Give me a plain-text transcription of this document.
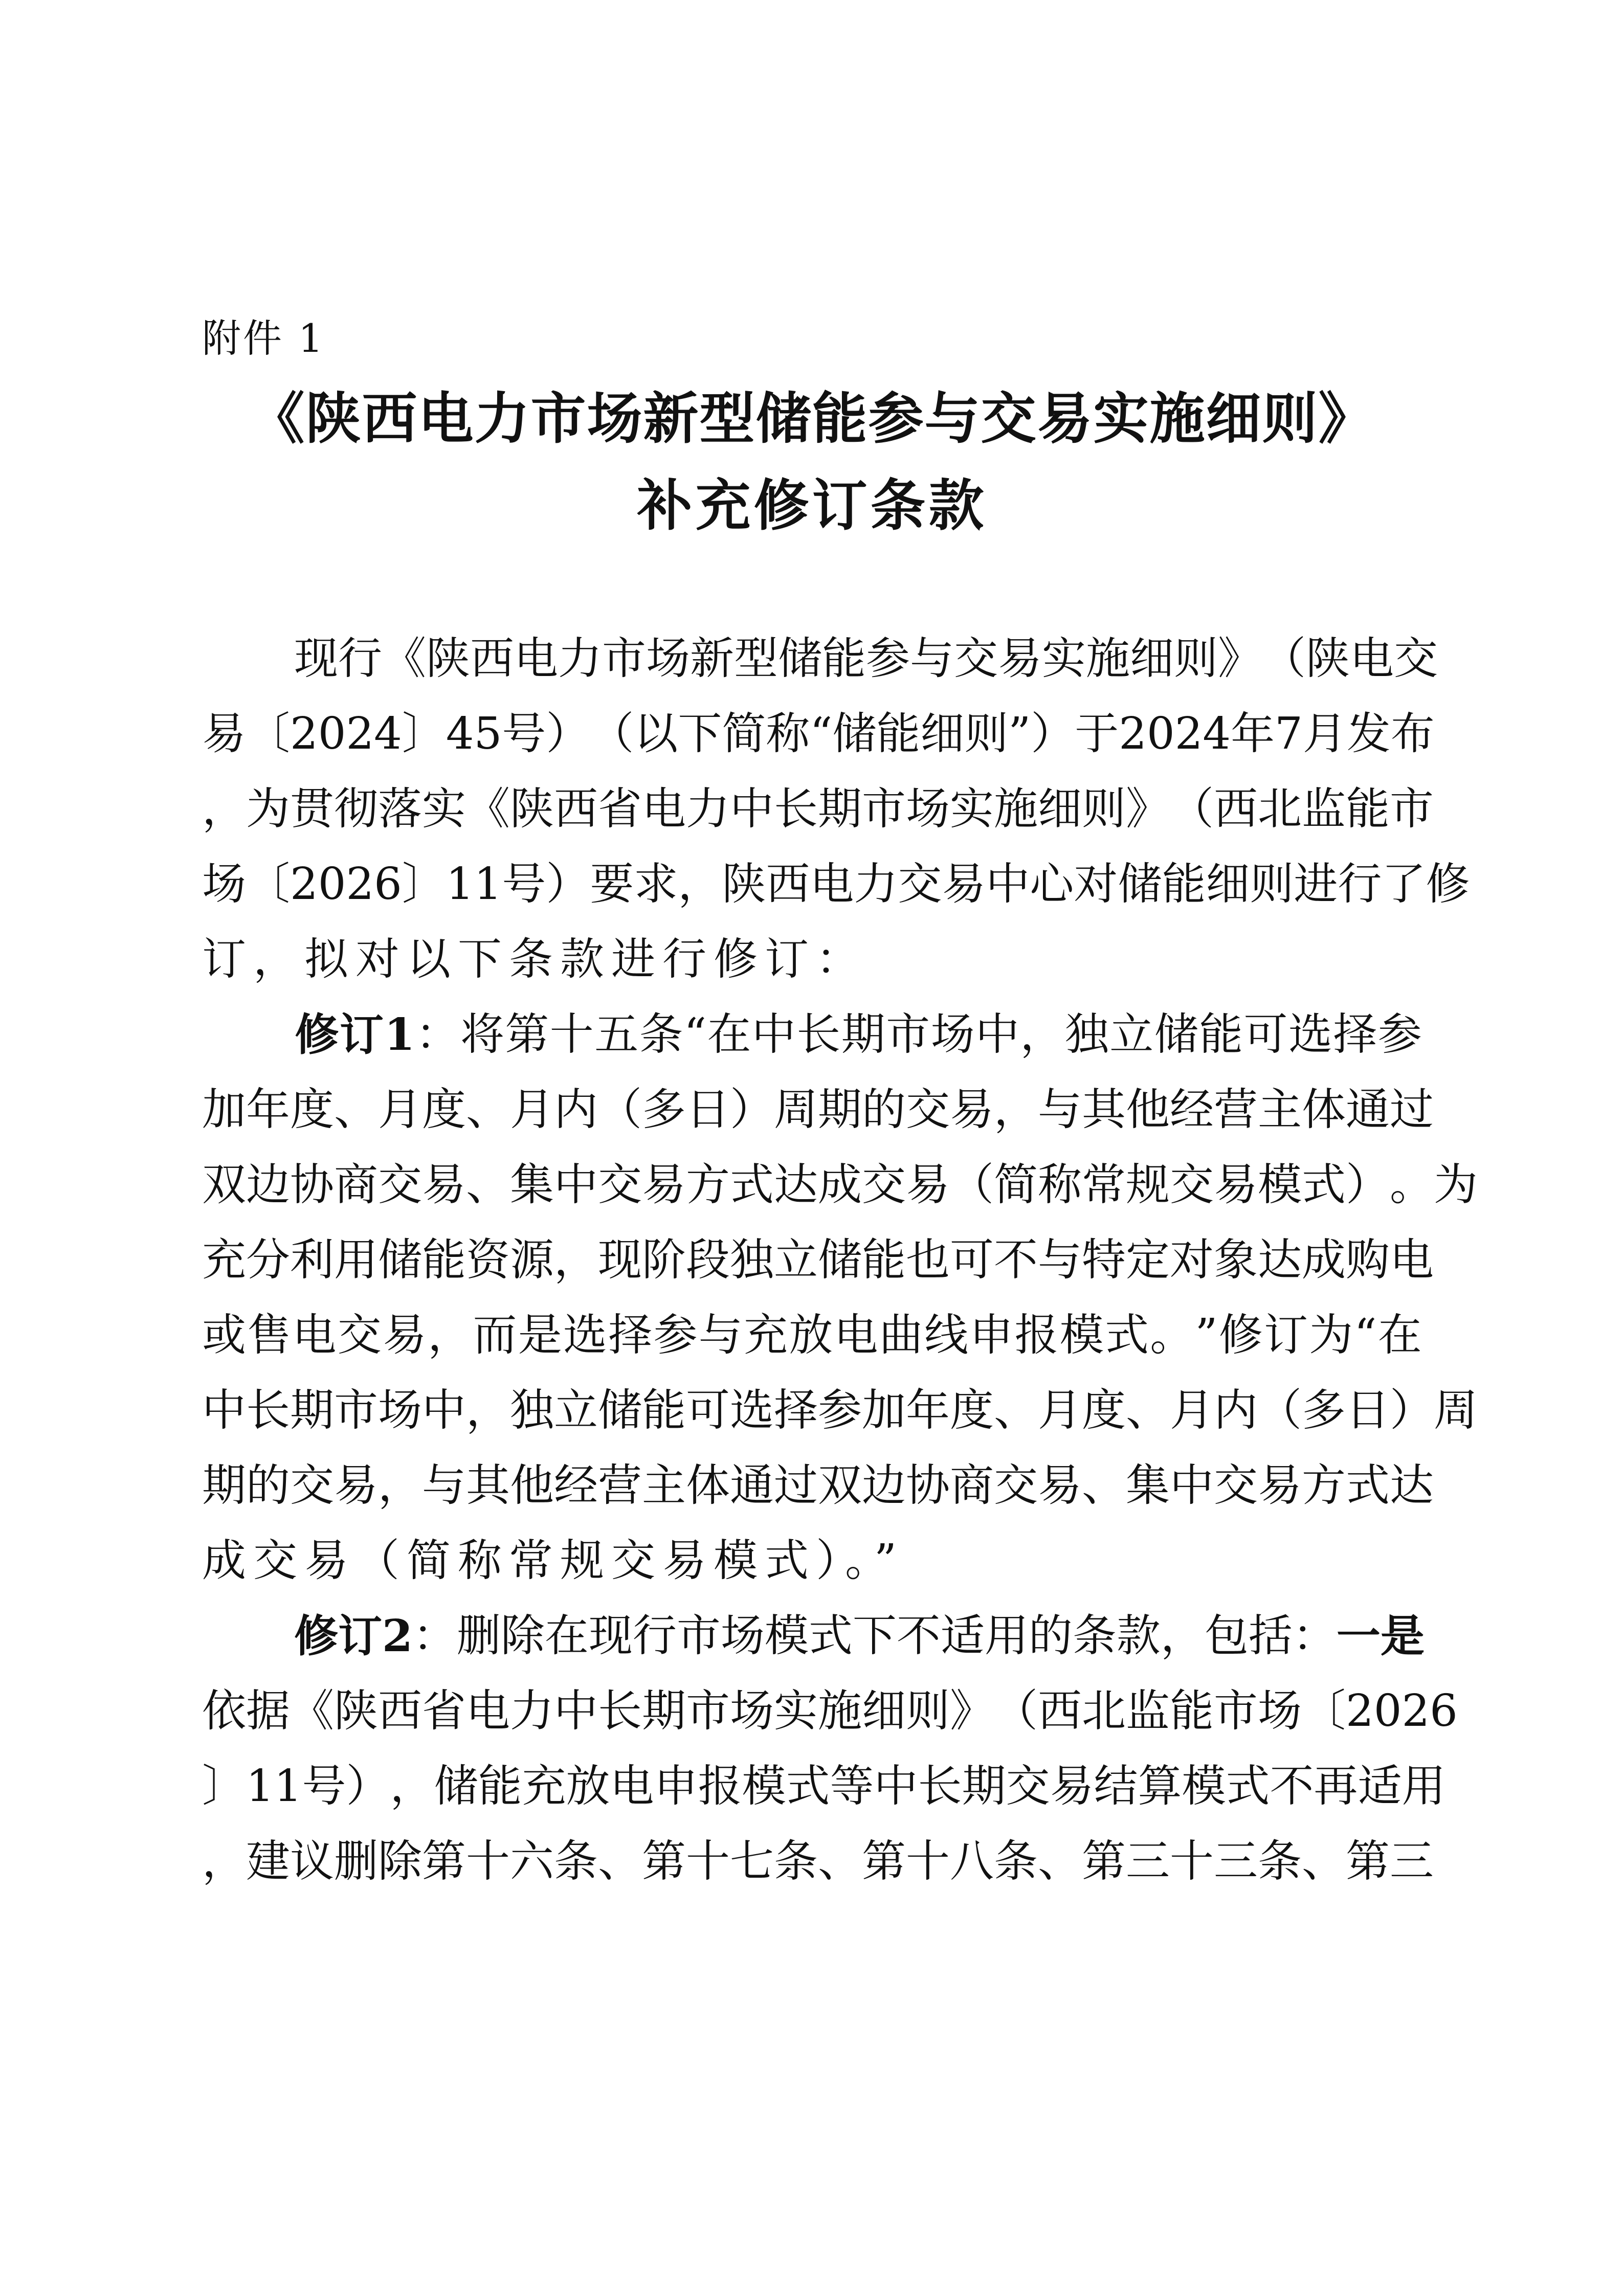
附件 1
《陕西电力市场新型储能参与交易实施细则》
补充修订条款
现 行 《 陕 西 电 力 市 场 新 型 储 能 参 与 交 易 实 施 细 则 》 （ 陕 电 交
易 〔 2 0 2 4 〕 4 5 号 ） （ 以 下 简 称 “ 储 能 细 则 ” ） 于 2 0 2 4 年 7 月 发 布
， 为 贯 彻 落 实 《 陕 西 省 电 力 中 长 期 市 场 实 施 细 则 》 （ 西 北 监 能 市
场 〔 2 0 2 6 〕 1 1 号 ） 要 求 ， 陕 西 电 力 交 易 中 心 对 储 能 细 则 进 行 了 修
订，拟对以下条款进行修订：
修 订 1 ： 将 第 十 五 条 “ 在 中 长 期 市 场 中 ， 独 立 储 能 可 选 择 参
加 年 度 、 月 度 、 月 内 （ 多 日 ） 周 期 的 交 易 ， 与 其 他 经 营 主 体 通 过
双 边 协 商 交 易 、 集 中 交 易 方 式 达 成 交 易 （ 简 称 常 规 交 易 模 式 ） 。 为
充 分 利 用 储 能 资 源 ， 现 阶 段 独 立 储 能 也 可 不 与 特 定 对 象 达 成 购 电
或 售 电 交 易 ， 而 是 选 择 参 与 充 放 电 曲 线 申 报 模 式 。 ” 修 订 为 “ 在
中 长 期 市 场 中 ， 独 立 储 能 可 选 择 参 加 年 度 、 月 度 、 月 内 （ 多 日 ） 周
期 的 交 易 ， 与 其 他 经 营 主 体 通 过 双 边 协 商 交 易 、 集 中 交 易 方 式 达
成交易（简称常规交易模式）。”
修 订 2 ： 删 除 在 现 行 市 场 模 式 下 不 适 用 的 条 款 ， 包 括 ： 一 是
依 据 《 陕 西 省 电 力 中 长 期 市 场 实 施 细 则 》 （ 西 北 监 能 市 场 〔 2 0 2 6
〕 1 1 号 ） ， 储 能 充 放 电 申 报 模 式 等 中 长 期 交 易 结 算 模 式 不 再 适 用
， 建 议 删 除 第 十 六 条 、 第 十 七 条 、 第 十 八 条 、 第 三 十 三 条 、 第 三
